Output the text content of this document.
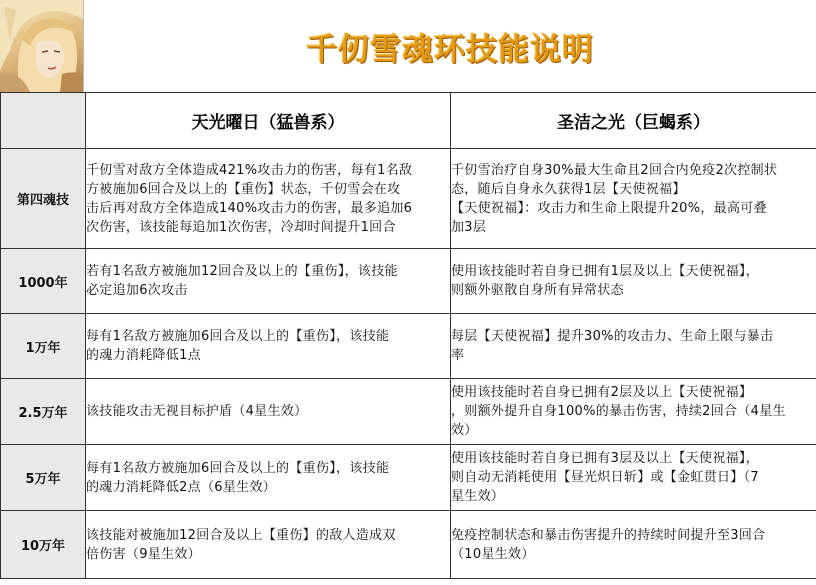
千仞雪魂环技能说明
	天光曜日（猛兽系）	圣洁之光（巨蝎系）
第四魂技	千仞雪对敌方全体造成421%攻击力的伤害，每有1名敌
方被施加6回合及以上的【重伤】状态，千仞雪会在攻
击后再对敌方全体造成140%攻击力的伤害，最多追加6
次伤害，该技能每追加1次伤害，冷却时间提升1回合	千仞雪治疗自身30%最大生命且2回合内免疫2次控制状
态，随后自身永久获得1层【天使祝福】
【天使祝福】：攻击力和生命上限提升20%，最高可叠
加3层

1000年	若有1名敌方被施加12回合及以上的【重伤】，该技能
必定追加6次攻击	使用该技能时若自身已拥有1层及以上【天使祝福】，
则额外驱散自身所有异常状态

1万年	每有1名敌方被施加6回合及以上的【重伤】，该技能
的魂力消耗降低1点	每层【天使祝福】提升30%的攻击力、生命上限与暴击
率

2.5万年	该技能攻击无视目标护盾（4星生效）	使用该技能时若自身已拥有2层及以上【天使祝福】
，则额外提升自身100%的暴击伤害，持续2回合（4星生
效）

5万年	每有1名敌方被施加6回合及以上的【重伤】，该技能
的魂力消耗降低2点（6星生效）	使用该技能时若自身已拥有3层及以上【天使祝福】，
则自动无消耗使用【昼光炽日斩】或【金虹贯日】（7
星生效）

10万年	该技能对被施加12回合及以上【重伤】的敌人造成双
倍伤害（9星生效）	免疫控制状态和暴击伤害提升的持续时间提升至3回合
（10星生效）
